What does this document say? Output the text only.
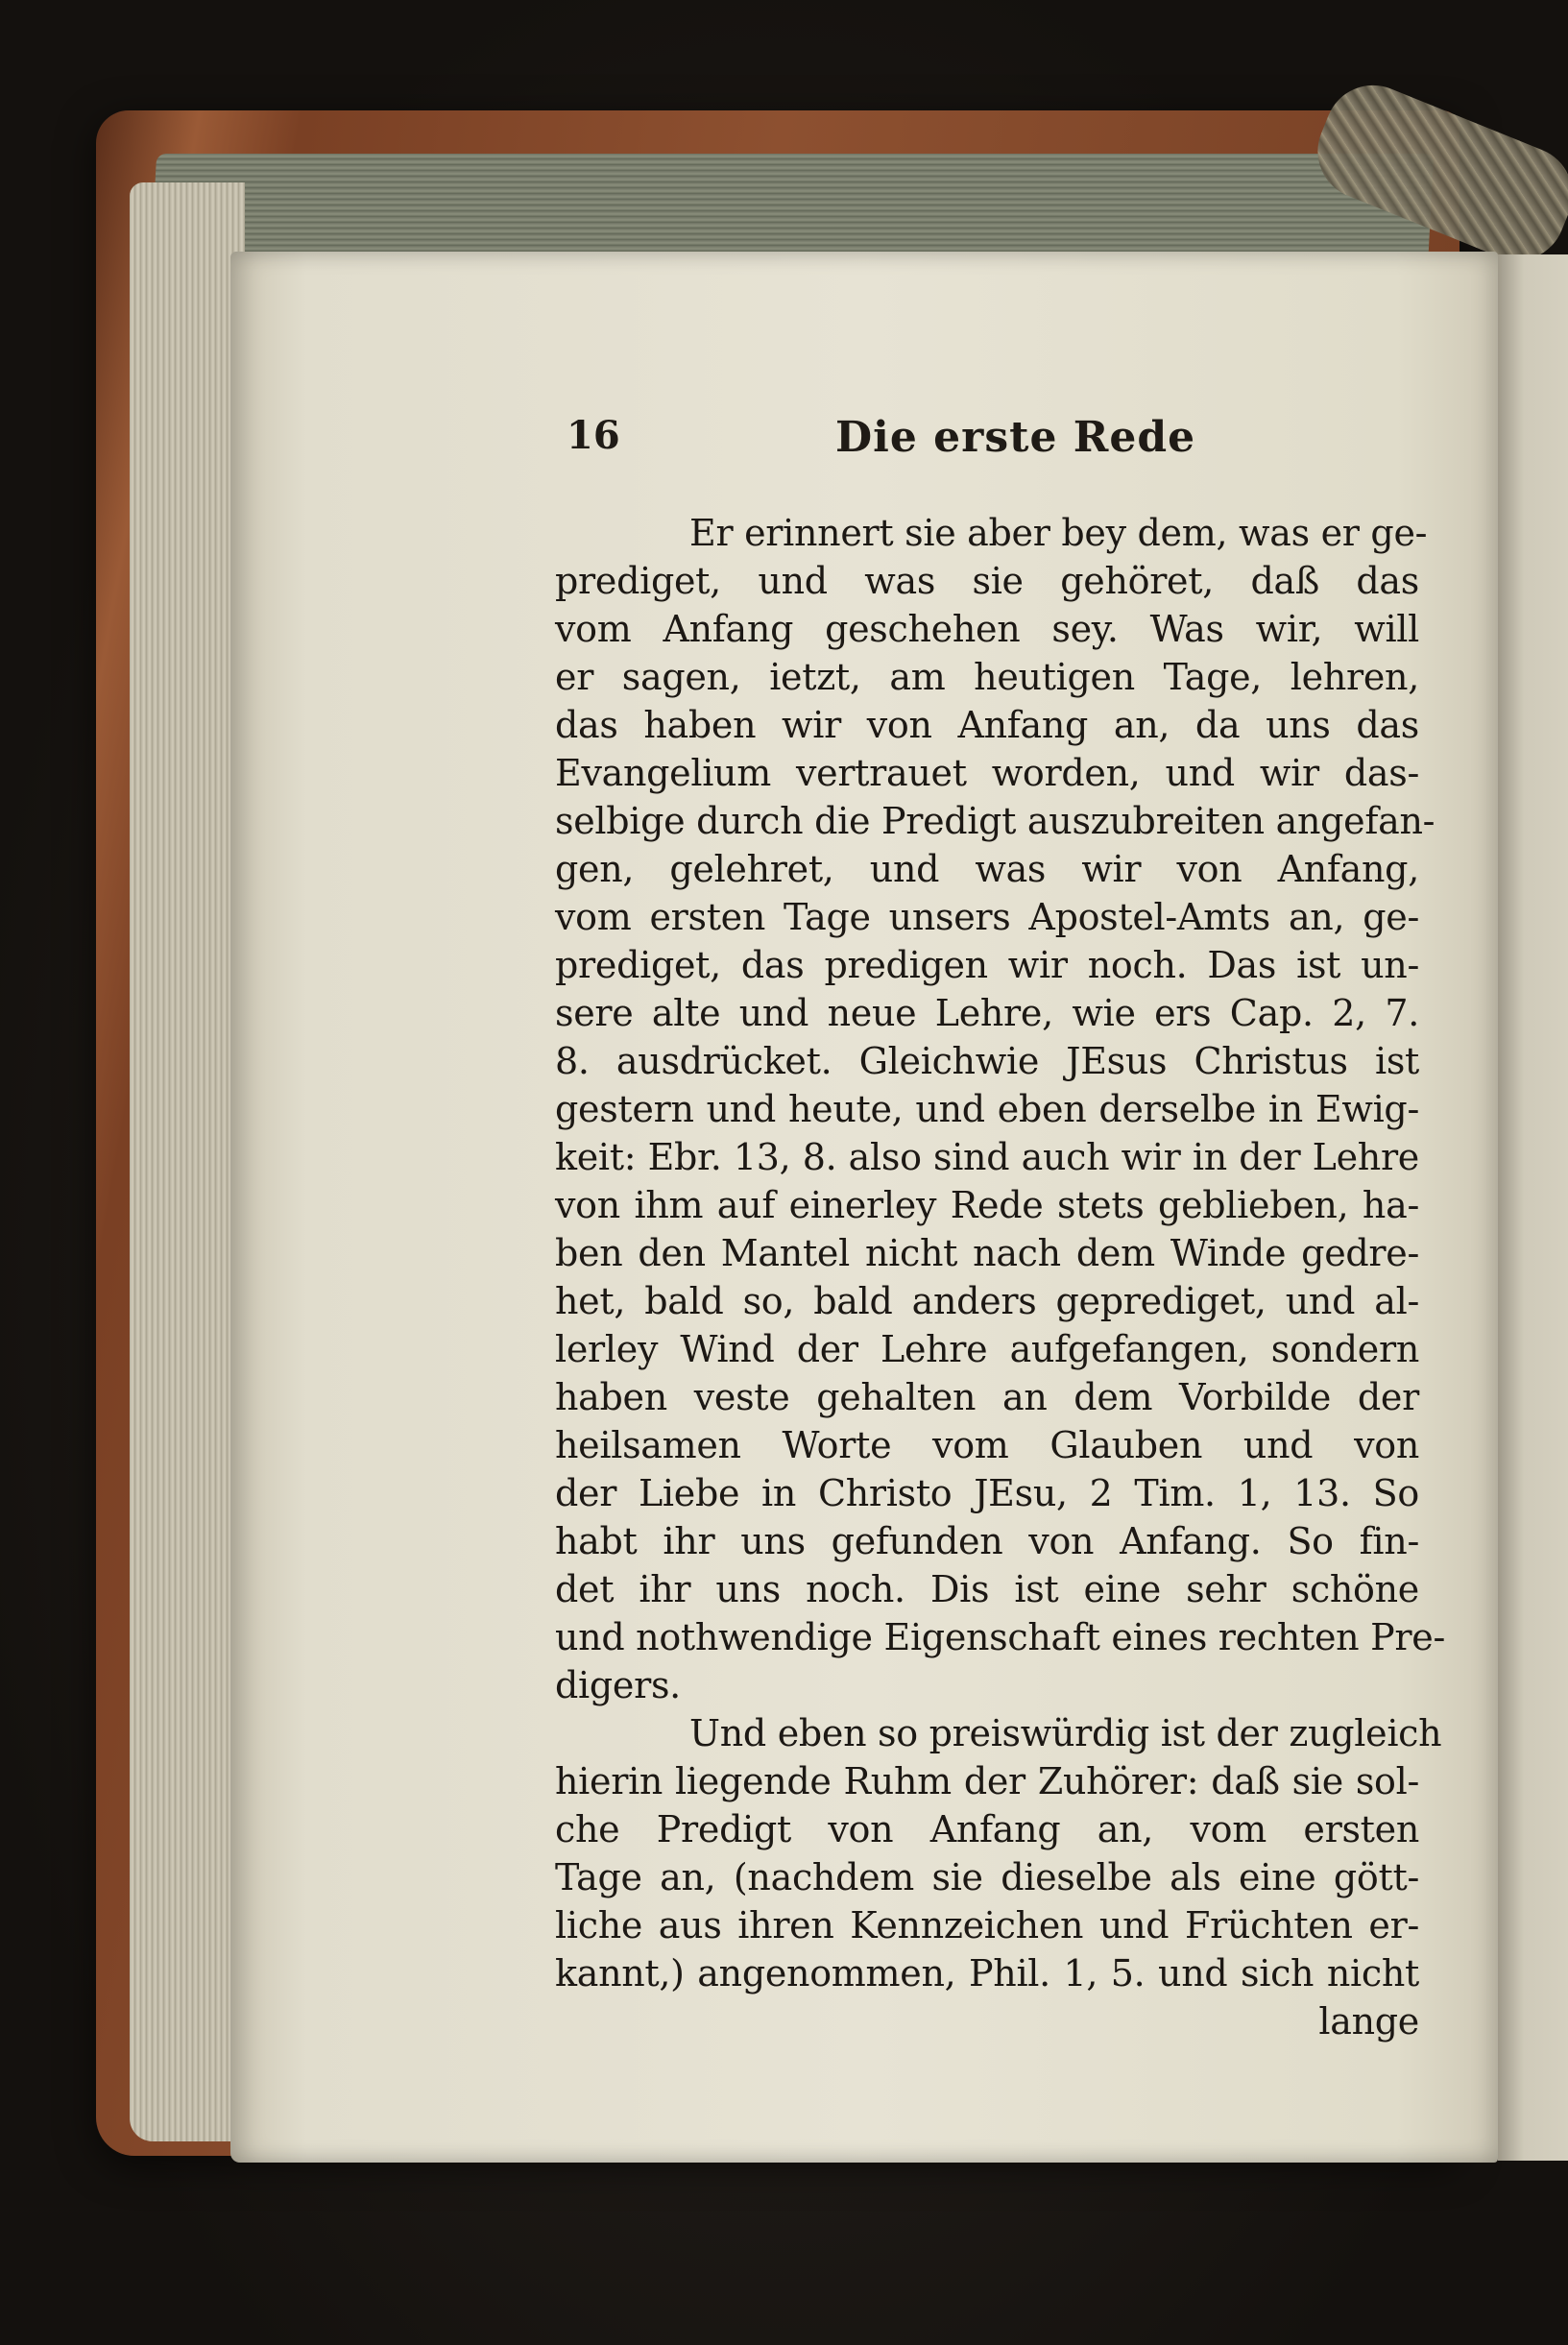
16	Die erste Rede
Er erinnert sie aber bey dem, was er ge-
prediget, und was sie gehöret, daß das
vom Anfang geschehen sey. Was wir, will
er sagen, ietzt, am heutigen Tage, lehren,
das haben wir von Anfang an, da uns das
Evangelium vertrauet worden, und wir das-
selbige durch die Predigt auszubreiten angefan-
gen, gelehret, und was wir von Anfang,
vom ersten Tage unsers Apostel-Amts an, ge-
prediget, das predigen wir noch. Das ist un-
sere alte und neue Lehre, wie ers Cap. 2, 7.
8. ausdrücket. Gleichwie JEsus Christus ist
gestern und heute, und eben derselbe in Ewig-
keit: Ebr. 13, 8. also sind auch wir in der Lehre
von ihm auf einerley Rede stets geblieben, ha-
ben den Mantel nicht nach dem Winde gedre-
het, bald so, bald anders geprediget, und al-
lerley Wind der Lehre aufgefangen, sondern
haben veste gehalten an dem Vorbilde der
heilsamen Worte vom Glauben und von
der Liebe in Christo JEsu, 2 Tim. 1, 13. So
habt ihr uns gefunden von Anfang. So fin-
det ihr uns noch. Dis ist eine sehr schöne
und nothwendige Eigenschaft eines rechten Pre-
digers.
Und eben so preiswürdig ist der zugleich
hierin liegende Ruhm der Zuhörer: daß sie sol-
che Predigt von Anfang an, vom ersten
Tage an, (nachdem sie dieselbe als eine gött-
liche aus ihren Kennzeichen und Früchten er-
kannt,) angenommen, Phil. 1, 5. und sich nicht
lange
